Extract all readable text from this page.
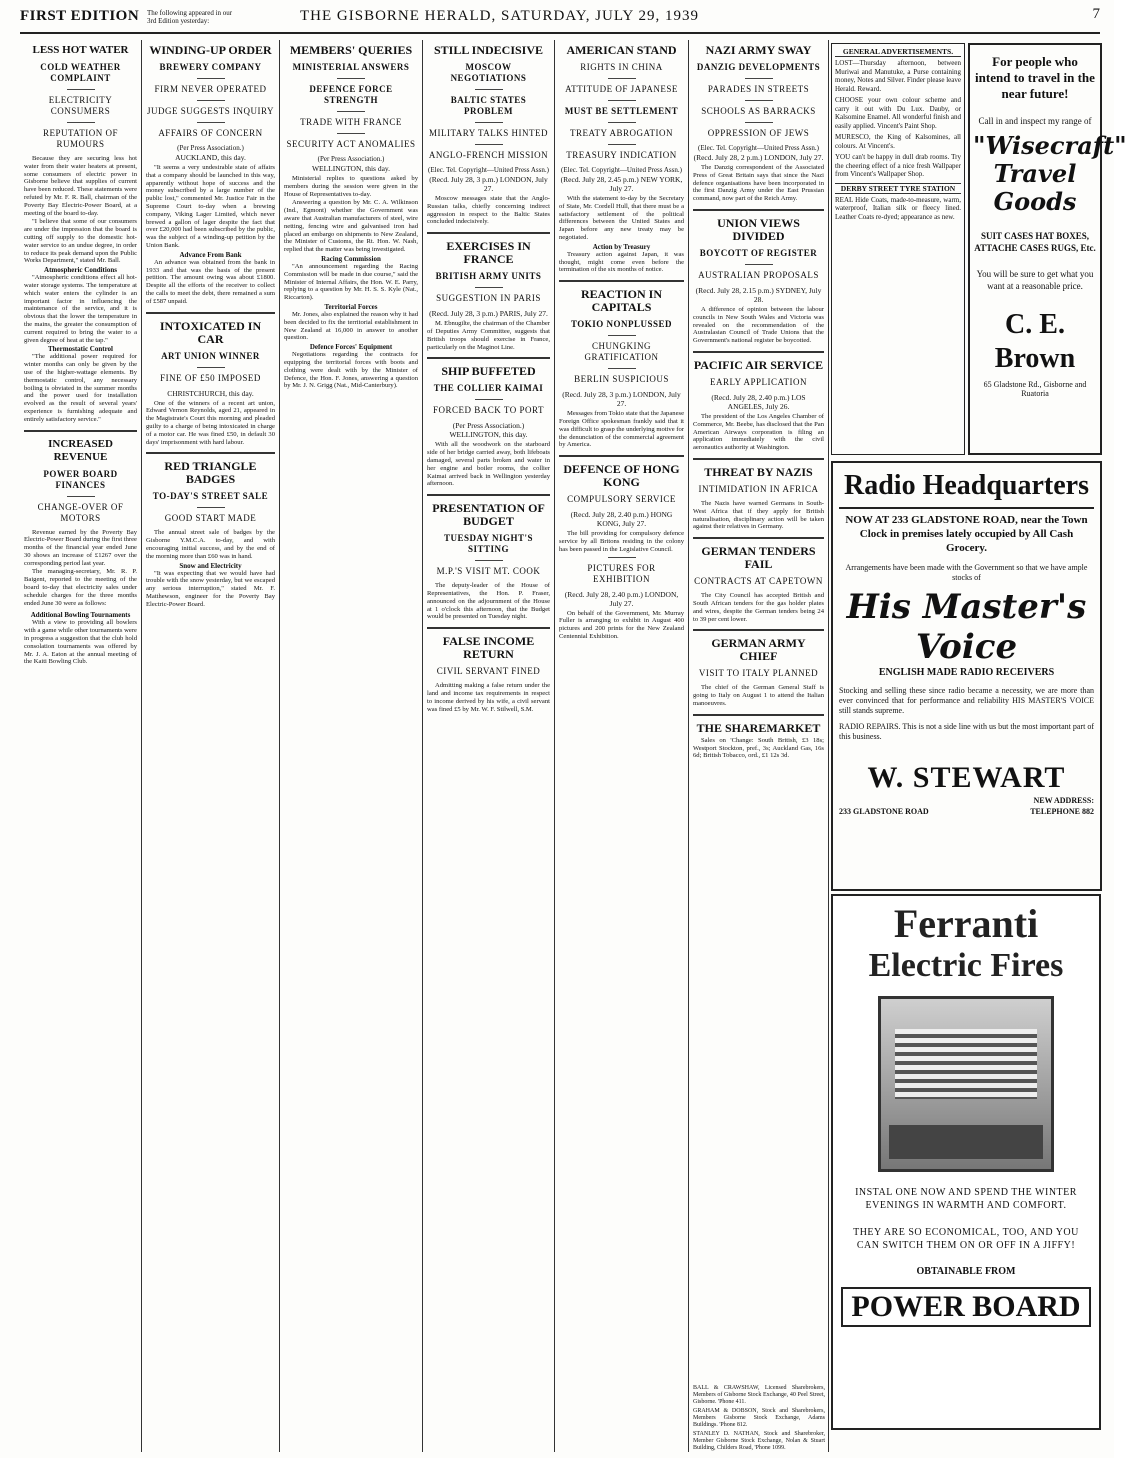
FIRST EDITION The following appeared in our 3rd Edition yesterday:	THE GISBORNE HERALD, SATURDAY, JULY 29, 1939	7
LESS HOT WATER
COLD WEATHER COMPLAINT
ELECTRICITY CONSUMERS
REPUTATION OF RUMOURS

Because they are securing less hot water from their water heaters at present, some consumers of electric power in Gisborne believe that supplies of current have been reduced. These statements were refuted by Mr. F. R. Ball, chairman of the Poverty Bay Electric-Power Board, at a meeting of the board to-day.

"I believe that some of our consumers are under the impression that the board is cutting off supply to the domestic hot-water service to an undue degree, in order to reduce its peak demand upon the Public Works Department," stated Mr. Ball.

Atmospheric Conditions

"Atmospheric conditions effect all hot-water storage systems. The temperature at which water enters the cylinder is an important factor in influencing the maintenance of the service, and it is obvious that the lower the temperature in the mains, the greater the consumption of current required to bring the water to a given degree of heat at the tap."

Thermostatic Control

"The additional power required for winter months can only be given by the use of the higher-wattage elements. By thermostatic control, any necessary boiling is obviated in the summer months and the power used for installation evolved as the result of several years' experience is furnishing adequate and entirely satisfactory service."

INCREASED REVENUE
POWER BOARD FINANCES
CHANGE-OVER OF MOTORS

Revenue earned by the Poverty Bay Electric-Power Board during the first three months of the financial year ended June 30 shows an increase of £1267 over the corresponding period last year.

The managing-secretary, Mr. R. P. Baigent, reported to the meeting of the board to-day that electricity sales under schedule charges for the three months ended June 30 were as follows:

Additional Bowling Tournaments

With a view to providing all bowlers with a game while other tournaments were in progress a suggestion that the club hold consolation tournaments was offered by Mr. J. A. Eaton at the annual meeting of the Kaiti Bowling Club.

WINDING-UP ORDER
BREWERY COMPANY
FIRM NEVER OPERATED
JUDGE SUGGESTS INQUIRY
AFFAIRS OF CONCERN
(Per Press Association.)
AUCKLAND, this day.

"It seems a very undesirable state of affairs that a company should be launched in this way, apparently without hope of success and the money subscribed by a large number of the public lost," commented Mr. Justice Fair in the Supreme Court to-day when a brewing company, Viking Lager Limited, which never brewed a gallon of lager despite the fact that over £20,000 had been subscribed by the public, was the subject of a winding-up petition by the Union Bank.

Advance From Bank

An advance was obtained from the bank in 1933 and that was the basis of the present petition. The amount owing was about £1800. Despite all the efforts of the receiver to collect the calls to meet the debt, there remained a sum of £587 unpaid.

INTOXICATED IN CAR
ART UNION WINNER
FINE OF £50 IMPOSED
CHRISTCHURCH, this day.

One of the winners of a recent art union, Edward Vernon Reynolds, aged 21, appeared in the Magistrate's Court this morning and pleaded guilty to a charge of being intoxicated in charge of a motor car. He was fined £50, in default 30 days' imprisonment with hard labour.

RED TRIANGLE BADGES
TO-DAY'S STREET SALE
GOOD START MADE

The annual street sale of badges by the Gisborne Y.M.C.A. to-day, and with encouraging initial success, and by the end of the morning more than £60 was in hand.

Snow and Electricity

"It was expecting that we would have had trouble with the snow yesterday, but we escaped any serious interruption," stated Mr. F. Matthewson, engineer for the Poverty Bay Electric-Power Board.

MEMBERS' QUERIES
MINISTERIAL ANSWERS
DEFENCE FORCE STRENGTH
TRADE WITH FRANCE
SECURITY ACT ANOMALIES
(Per Press Association.)
WELLINGTON, this day.

Ministerial replies to questions asked by members during the session were given in the House of Representatives to-day.

Answering a question by Mr. C. A. Wilkinson (Ind., Egmont) whether the Government was aware that Australian manufacturers of steel, wire netting, fencing wire and galvanised iron had placed an embargo on shipments to New Zealand, the Minister of Customs, the Rt. Hon. W. Nash, replied that the matter was being investigated.

Racing Commission

"An announcement regarding the Racing Commission will be made in due course," said the Minister of Internal Affairs, the Hon. W. E. Parry, replying to a question by Mr. H. S. S. Kyle (Nat., Riccarton).

Territorial Forces

Mr. Jones, also explained the reason why it had been decided to fix the territorial establishment in New Zealand at 16,000 in answer to another question.

Defence Forces' Equipment

Negotiations regarding the contracts for equipping the territorial forces with boots and clothing were dealt with by the Minister of Defence, the Hon. F. Jones, answering a question by Mr. J. N. Grigg (Nat., Mid-Canterbury).

STILL INDECISIVE
MOSCOW NEGOTIATIONS
BALTIC STATES PROBLEM
MILITARY TALKS HINTED
ANGLO-FRENCH MISSION
(Elec. Tel. Copyright—United Press Assn.)
(Recd. July 28, 3 p.m.) LONDON, July 27.

Moscow messages state that the Anglo-Russian talks, chiefly concerning indirect aggression in respect to the Baltic States concluded indecisively.

EXERCISES IN FRANCE
BRITISH ARMY UNITS
SUGGESTION IN PARIS
(Recd. July 28, 3 p.m.) PARIS, July 27.

M. Ebnugilte, the chairman of the Chamber of Deputies Army Committee, suggests that British troops should exercise in France, particularly on the Maginot Line.

SHIP BUFFETED
THE COLLIER KAIMAI
FORCED BACK TO PORT
(Per Press Association.) WELLINGTON, this day.

With all the woodwork on the starboard side of her bridge carried away, both lifeboats damaged, several parts broken and water in her engine and boiler rooms, the collier Kaimai arrived back in Wellington yesterday afternoon.

PRESENTATION OF BUDGET
TUESDAY NIGHT'S SITTING
M.P.'S VISIT MT. COOK

The deputy-leader of the House of Representatives, the Hon. P. Fraser, announced on the adjournment of the House at 1 o'clock this afternoon, that the Budget would be presented on Tuesday night.

FALSE INCOME RETURN
CIVIL SERVANT FINED

Admitting making a false return under the land and income tax requirements in respect to income derived by his wife, a civil servant was fined £5 by Mr. W. F. Stilwell, S.M.

AMERICAN STAND
RIGHTS IN CHINA
ATTITUDE OF JAPANESE
MUST BE SETTLEMENT
TREATY ABROGATION
TREASURY INDICATION
(Elec. Tel. Copyright—United Press Assn.)
(Recd. July 28, 2.45 p.m.) NEW YORK, July 27.

With the statement to-day by the Secretary of State, Mr. Cordell Hull, that there must be a satisfactory settlement of the political differences between the United States and Japan before any new treaty may be negotiated.

Action by Treasury

Treasury action against Japan, it was thought, might come even before the termination of the six months of notice.

REACTION IN CAPITALS
TOKIO NONPLUSSED
CHUNGKING GRATIFICATION
BERLIN SUSPICIOUS
(Recd. July 28, 3 p.m.) LONDON, July 27.

Messages from Tokio state that the Japanese Foreign Office spokesman frankly said that it was difficult to grasp the underlying motive for the denunciation of the commercial agreement by America.

DEFENCE OF HONG KONG
COMPULSORY SERVICE
(Recd. July 28, 2.40 p.m.) HONG KONG, July 27.

The bill providing for compulsory defence service by all Britons residing in the colony has been passed in the Legislative Council.

PICTURES FOR EXHIBITION
(Recd. July 28, 2.40 p.m.) LONDON, July 27.

On behalf of the Government, Mr. Murray Fuller is arranging to exhibit in August 400 pictures and 200 prints for the New Zealand Centennial Exhibition.

NAZI ARMY SWAY
DANZIG DEVELOPMENTS
PARADES IN STREETS
SCHOOLS AS BARRACKS
OPPRESSION OF JEWS
(Elec. Tel. Copyright—United Press Assn.)
(Recd. July 28, 2 p.m.) LONDON, July 27.

The Danzig correspondent of the Associated Press of Great Britain says that since the Nazi defence organisations have been incorporated in the first Danzig Army under the East Prussian command, now part of the Reich Army.

UNION VIEWS DIVIDED
BOYCOTT OF REGISTER
AUSTRALIAN PROPOSALS
(Recd. July 28, 2.15 p.m.) SYDNEY, July 28.

A difference of opinion between the labour councils in New South Wales and Victoria was revealed on the recommendation of the Australasian Council of Trade Unions that the Government's national register be boycotted.

PACIFIC AIR SERVICE
EARLY APPLICATION
(Recd. July 28, 2.40 p.m.) LOS ANGELES, July 26.

The president of the Los Angeles Chamber of Commerce, Mr. Beebe, has disclosed that the Pan American Airways corporation is filing an application immediately with the civil aeronautics authority at Washington.

THREAT BY NAZIS
INTIMIDATION IN AFRICA

The Nazis have warned Germans in South-West Africa that if they apply for British naturalisation, disciplinary action will be taken against their relatives in Germany.

GERMAN TENDERS FAIL
CONTRACTS AT CAPETOWN

The City Council has accepted British and South African tenders for the gas holder plates and wires, despite the German tenders being 24 to 39 per cent lower.

GERMAN ARMY CHIEF
VISIT TO ITALY PLANNED

The chief of the German General Staff is going to Italy on August 1 to attend the Italian manoeuvres.

THE SHAREMARKET

Sales on 'Change: South British, £3 18s; Westport Stockton, pref., 3s; Auckland Gas, 16s 6d; British Tobacco, ord., £1 12s 3d.

GENERAL ADVERTISEMENTS.
LOST—Thursday afternoon, between Muriwai and Manutuke, a Purse containing money, Notes and Silver. Finder please leave Herald. Reward.
CHOOSE your own colour scheme and carry it out with Du Lux. Dauby, or Kalsomine Enamel. All wonderful finish and easily applied. Vincent's Paint Shop.
MURESCO, the King of Kalsomines, all colours. At Vincent's.
YOU can't be happy in dull drab rooms. Try the cheering effect of a nice fresh Wallpaper from Vincent's Wallpaper Shop.
DERBY STREET TYRE STATION
REAL Hide Coats, made-to-measure, warm, waterproof, Italian silk or fleecy lined. Leather Coats re-dyed; appearance as new.
For people who intend to travel in the near future!
Call in and inspect my range of
"Wisecraft" Travel Goods
SUIT CASES HAT BOXES, ATTACHE CASES RUGS, Etc.
You will be sure to get what you want at a reasonable price.
C. E. Brown
65 Gladstone Rd., Gisborne and Ruatoria
Radio Headquarters
NOW AT 233 GLADSTONE ROAD, near the Town Clock in premises lately occupied by All Cash Grocery.
Arrangements have been made with the Government so that we have ample stocks of
His Master's Voice
ENGLISH MADE RADIO RECEIVERS
Stocking and selling these since radio became a necessity, we are more than ever convinced that for performance and reliability HIS MASTER'S VOICE still stands supreme.
RADIO REPAIRS. This is not a side line with us but the most important part of this business.
W. STEWART
NEW ADDRESS:
233 GLADSTONE ROAD	TELEPHONE 882
Ferranti
Electric Fires
INSTAL ONE NOW AND SPEND THE WINTER EVENINGS IN WARMTH AND COMFORT.
THEY ARE SO ECONOMICAL, TOO, AND YOU CAN SWITCH THEM ON OR OFF IN A JIFFY!
OBTAINABLE FROM
POWER BOARD
BALL & CRAWSHAW, Licensed Sharebrokers, Members of Gisborne Stock Exchange, 40 Peel Street, Gisborne. 'Phone 411.
GRAHAM & DOBSON, Stock and Sharebrokers, Members Gisborne Stock Exchange, Adams Buildings. 'Phone 812.
STANLEY D. NATHAN, Stock and Sharebroker, Member Gisborne Stock Exchange, Nolan & Stuart Building, Childers Road, 'Phone 1099.
